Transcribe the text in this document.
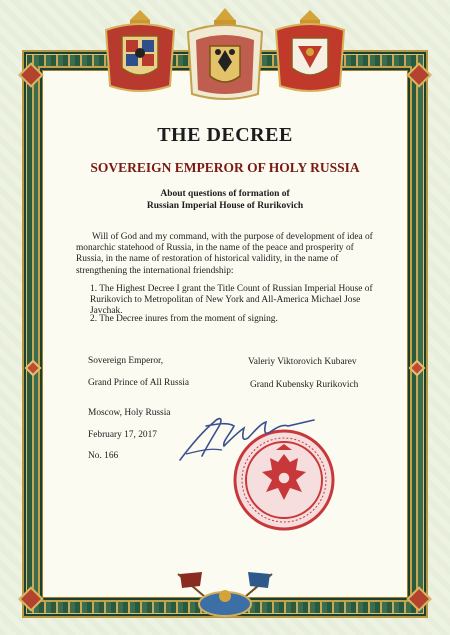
THE DECREE
SOVEREIGN EMPEROR OF HOLY RUSSIA
About questions of formation of
Russian Imperial House of Rurikovich
Will of God and my command, with the purpose of development of idea of monarchic statehood of Russia, in the name of the peace and prosperity of Russia, in the name of restoration of historical validity, in the name of strengthening the international friendship:
1. The Highest Decree I grant the Title Count of Russian Imperial House of Rurikovich to Metropolitan of New York and All-America Michael Jose Javchak.
2. The Decree inures from the moment of signing.
Sovereign Emperor,
Grand Prince of All Russia
Valeriy Viktorovich Kubarev
Grand Kubensky Rurikovich
Moscow, Holy Russia
February 17, 2017
No. 166
